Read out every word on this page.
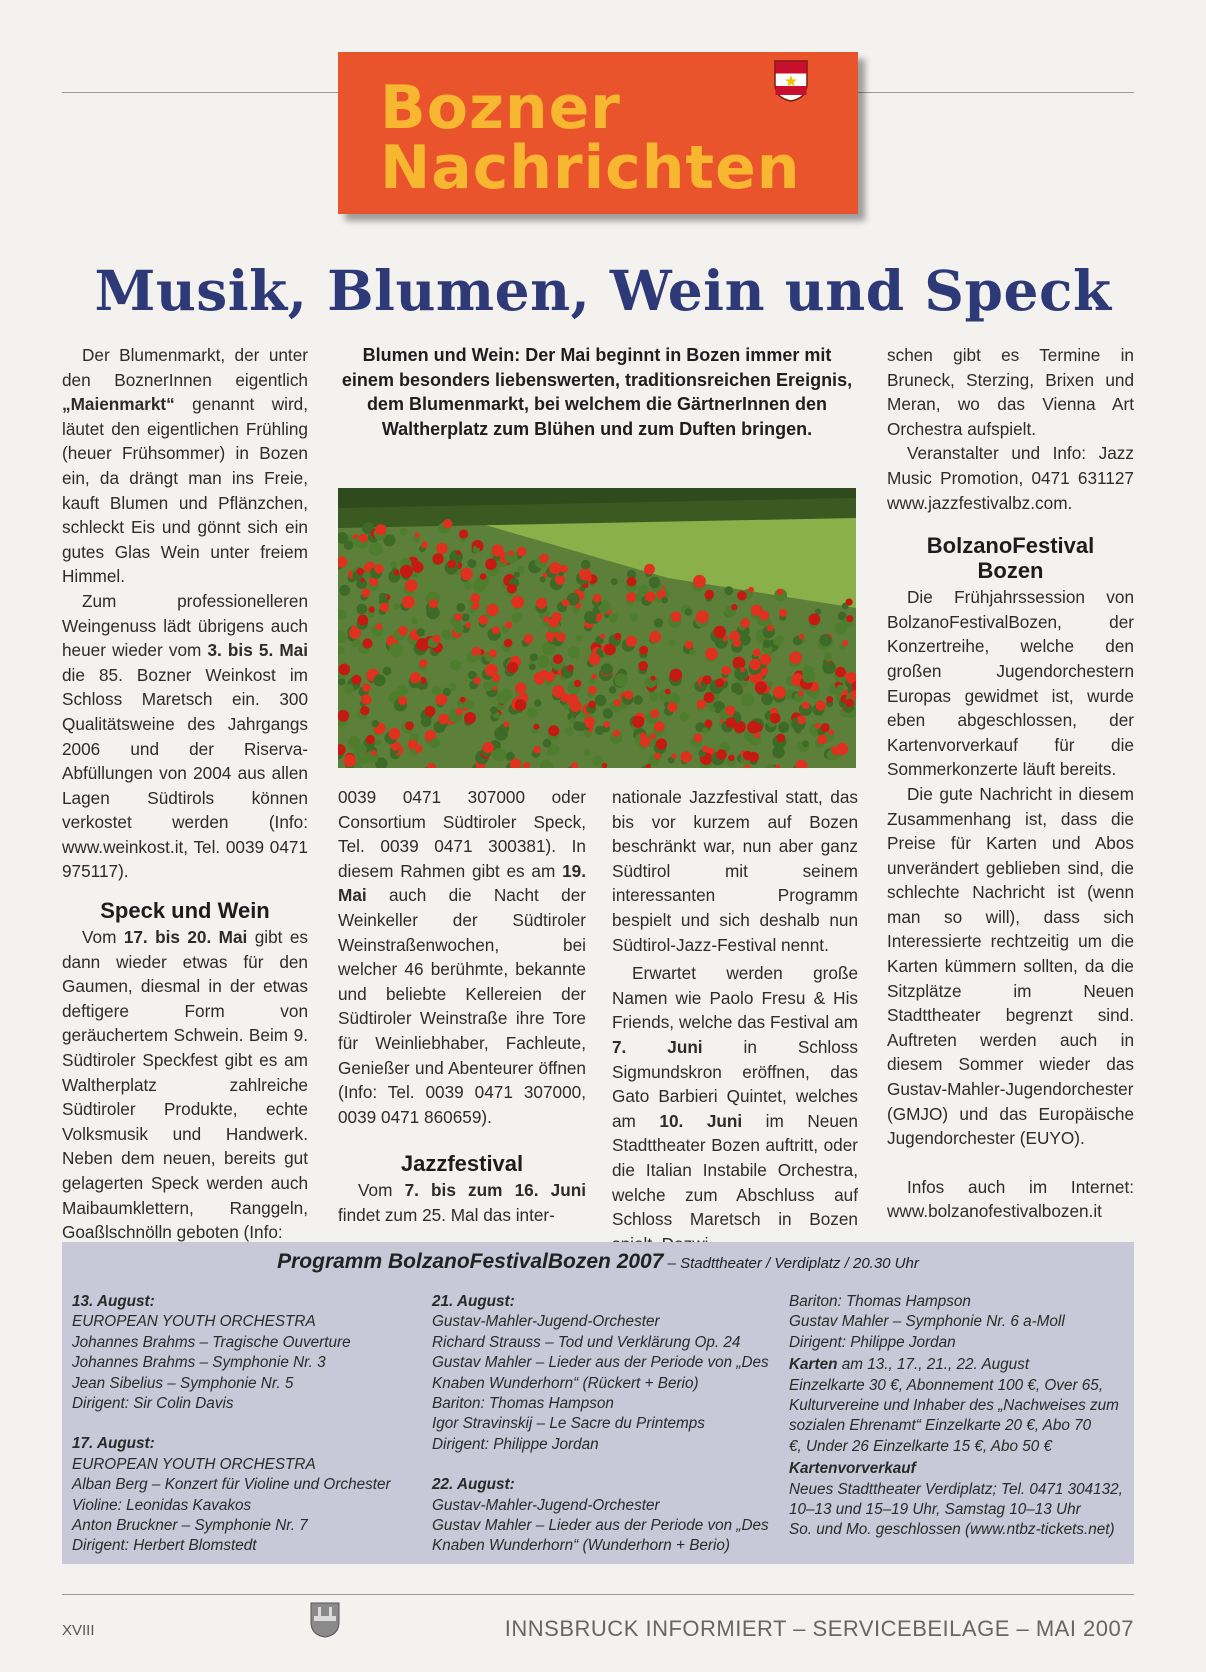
Bozner
Nachrichten
Musik, Blumen, Wein und Speck

Der Blumenmarkt, der unter den BoznerInnen eigentlich „Maienmarkt“ genannt wird, läutet den eigentlichen Frühling (heuer Frühsommer) in Bozen ein, da drängt man ins Freie, kauft Blumen und Pflänzchen, schleckt Eis und gönnt sich ein gutes Glas Wein unter freiem Himmel.

Zum professionelleren Weingenuss lädt übrigens auch heuer wieder vom 3. bis 5. Mai die 85. Bozner Weinkost im Schloss Maretsch ein. 300 Qualitätsweine des Jahrgangs 2006 und der Riserva-Abfüllungen von 2004 aus allen Lagen Südtirols können verkostet werden (Info: www.weinkost.it, Tel. 0039 0471 975117).

Speck und Wein

Vom 17. bis 20. Mai gibt es dann wieder etwas für den Gaumen, diesmal in der etwas deftigere Form von geräuchertem Schwein. Beim 9. Südtiroler Speckfest gibt es am Waltherplatz zahlreiche Südtiroler Produkte, echte Volksmusik und Handwerk. Neben dem neuen, bereits gut gelagerten Speck werden auch Maibaumklettern, Ranggeln, Goaßlschnölln geboten (Info:

Blumen und Wein: Der Mai beginnt in Bozen immer mit einem besonders liebenswerten, traditionsreichen Ereignis, dem Blumenmarkt, bei welchem die GärtnerInnen den Waltherplatz zum Blühen und zum Duften bringen.

0039 0471 307000 oder Consortium Südtiroler Speck, Tel. 0039 0471 300381). In diesem Rahmen gibt es am 19. Mai auch die Nacht der Weinkeller der Südtiroler Weinstraßenwochen, bei welcher 46 berühmte, bekannte und beliebte Kellereien der Südtiroler Weinstraße ihre Tore für Weinliebhaber, Fachleute, Genießer und Abenteurer öffnen (Info: Tel. 0039 0471 307000, 0039 0471 860659).

Jazzfestival

Vom 7. bis zum 16. Juni findet zum 25. Mal das inter-

nationale Jazzfestival statt, das bis vor kurzem auf Bozen beschränkt war, nun aber ganz Südtirol mit seinem interessanten Programm bespielt und sich deshalb nun Südtirol-Jazz-Festival nennt.

Erwartet werden große Namen wie Paolo Fresu & His Friends, welche das Festival am 7. Juni in Schloss Sigmundskron eröffnen, das Gato Barbieri Quintet, welches am 10. Juni im Neuen Stadttheater Bozen auftritt, oder die Italian Instabile Orchestra, welche zum Abschluss auf Schloss Maretsch in Bozen

schen gibt es Termine in Bruneck, Sterzing, Brixen und Meran, wo das Vienna Art Orchestra aufspielt.

Veranstalter und Info: Jazz Music Promotion, 0471 631127 www.jazzfestivalbz.com.

BolzanoFestival Bozen

Die Frühjahrssession von BolzanoFestivalBozen, der Konzertreihe, welche den großen Jugendorchestern Europas gewidmet ist, wurde eben abgeschlossen, der Kartenvorverkauf für die Sommerkonzerte läuft bereits.

Die gute Nachricht in diesem Zusammenhang ist, dass die Preise für Karten und Abos unverändert geblieben sind, die schlechte Nachricht ist (wenn man so will), dass sich Interessierte rechtzeitig um die Karten kümmern sollten, da die Sitzplätze im Neuen Stadttheater begrenzt sind. Auftreten werden auch in diesem Sommer wieder das Gustav-Mahler-Jugendorchester (GMJO) und das Europäische Jugendorchester (EUYO).

Infos auch im Internet: www.bolzanofestivalbozen.it

Programm BolzanoFestivalBozen 2007 – Stadttheater / Verdiplatz / 20.30 Uhr
13. August:
EUROPEAN YOUTH ORCHESTRA
Johannes Brahms – Tragische Ouverture
Johannes Brahms – Symphonie Nr. 3
Jean Sibelius – Symphonie Nr. 5
Dirigent: Sir Colin Davis
17. August:
EUROPEAN YOUTH ORCHESTRA
Alban Berg – Konzert für Violine und Orchester
Violine: Leonidas Kavakos
Anton Bruckner – Symphonie Nr. 7
Dirigent: Herbert Blomstedt
21. August:
Gustav-Mahler-Jugend-Orchester
Richard Strauss – Tod und Verklärung Op. 24
Gustav Mahler – Lieder aus der Periode von „Des
Knaben Wunderhorn“ (Rückert + Berio)
Bariton: Thomas Hampson
Igor Stravinskij – Le Sacre du Printemps
Dirigent: Philippe Jordan
22. August:
Gustav-Mahler-Jugend-Orchester
Gustav Mahler – Lieder aus der Periode von „Des
Knaben Wunderhorn“ (Wunderhorn + Berio)
Bariton: Thomas Hampson
Gustav Mahler – Symphonie Nr. 6 a-Moll
Dirigent: Philippe Jordan
Karten am 13., 17., 21., 22. August
Einzelkarte 30 €, Abonnement 100 €, Over 65,
Kulturvereine und Inhaber des „Nachweises zum
sozialen Ehrenamt“ Einzelkarte 20 €, Abo 70
€, Under 26 Einzelkarte 15 €, Abo 50 €
Kartenvorverkauf
Neues Stadttheater Verdiplatz; Tel. 0471 304132,
10–13 und 15–19 Uhr, Samstag 10–13 Uhr
So. und Mo. geschlossen (www.ntbz-tickets.net)
XVIII	INNSBRUCK INFORMIERT – SERVICEBEILAGE – MAI 2007
